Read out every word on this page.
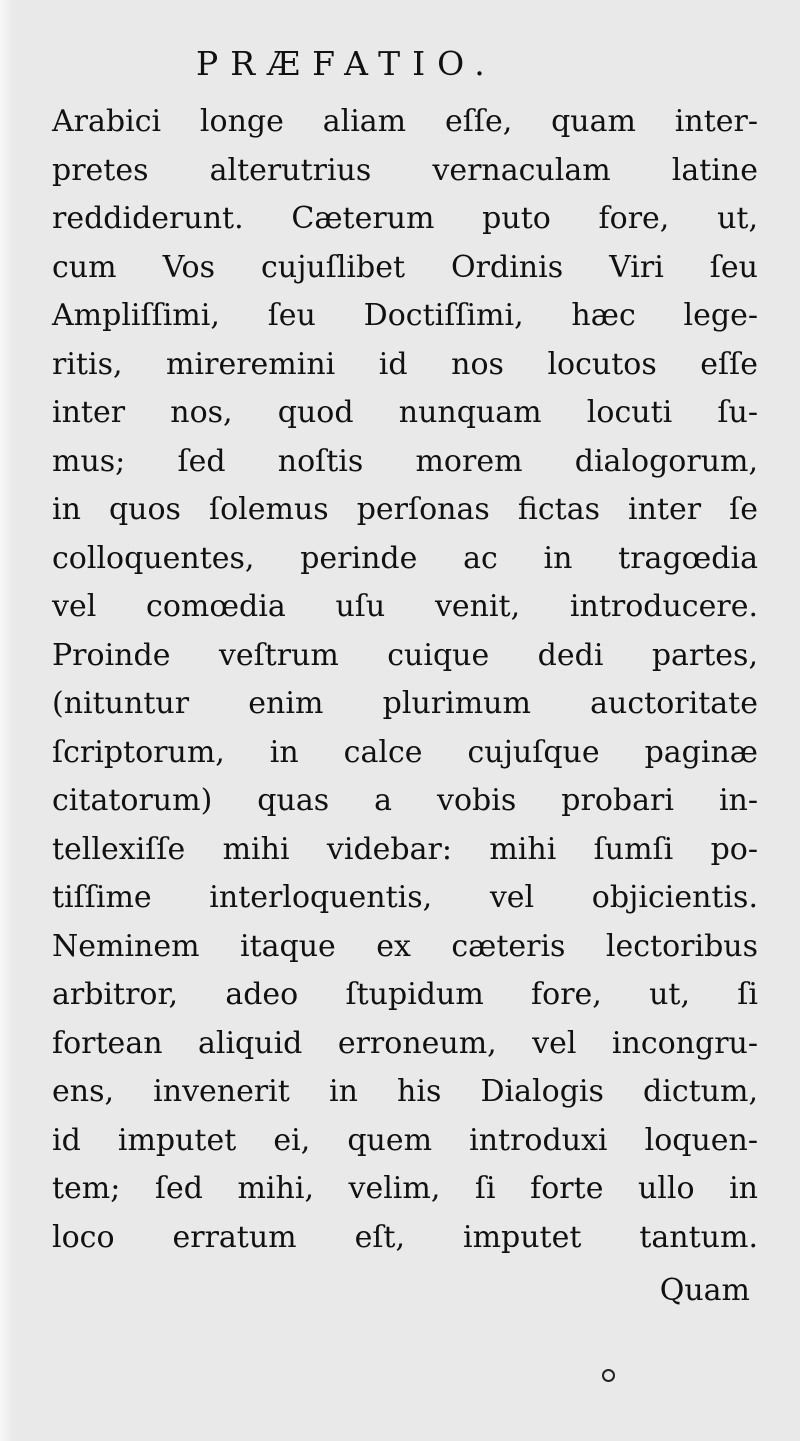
PRÆFATIO.
Arabici longe aliam eſſe, quam inter-
pretes alterutrius vernaculam latine
reddiderunt. Cæterum puto fore, ut,
cum Vos cujuſlibet Ordinis Viri ſeu
Ampliſſimi, ſeu Doctiſſimi, hæc lege-
ritis, mireremini id nos locutos eſſe
inter nos, quod nunquam locuti ſu-
mus; ſed noſtis morem dialogorum,
in quos ſolemus perſonas fictas inter ſe
colloquentes, perinde ac in tragœdia
vel comœdia uſu venit, introducere.
Proinde veſtrum cuique dedi partes,
(nituntur enim plurimum auctoritate
ſcriptorum, in calce cujuſque paginæ
citatorum) quas a vobis probari in-
tellexiſſe mihi videbar: mihi ſumſi po-
tiſſime interloquentis, vel objicientis.
Neminem itaque ex cæteris lectoribus
arbitror, adeo ſtupidum fore, ut, ſi
fortean aliquid erroneum, vel incongru-
ens, invenerit in his Dialogis dictum,
id imputet ei, quem introduxi loquen-
tem; ſed mihi, velim, ſi forte ullo in
loco erratum eſt, imputet tantum.
Quam
